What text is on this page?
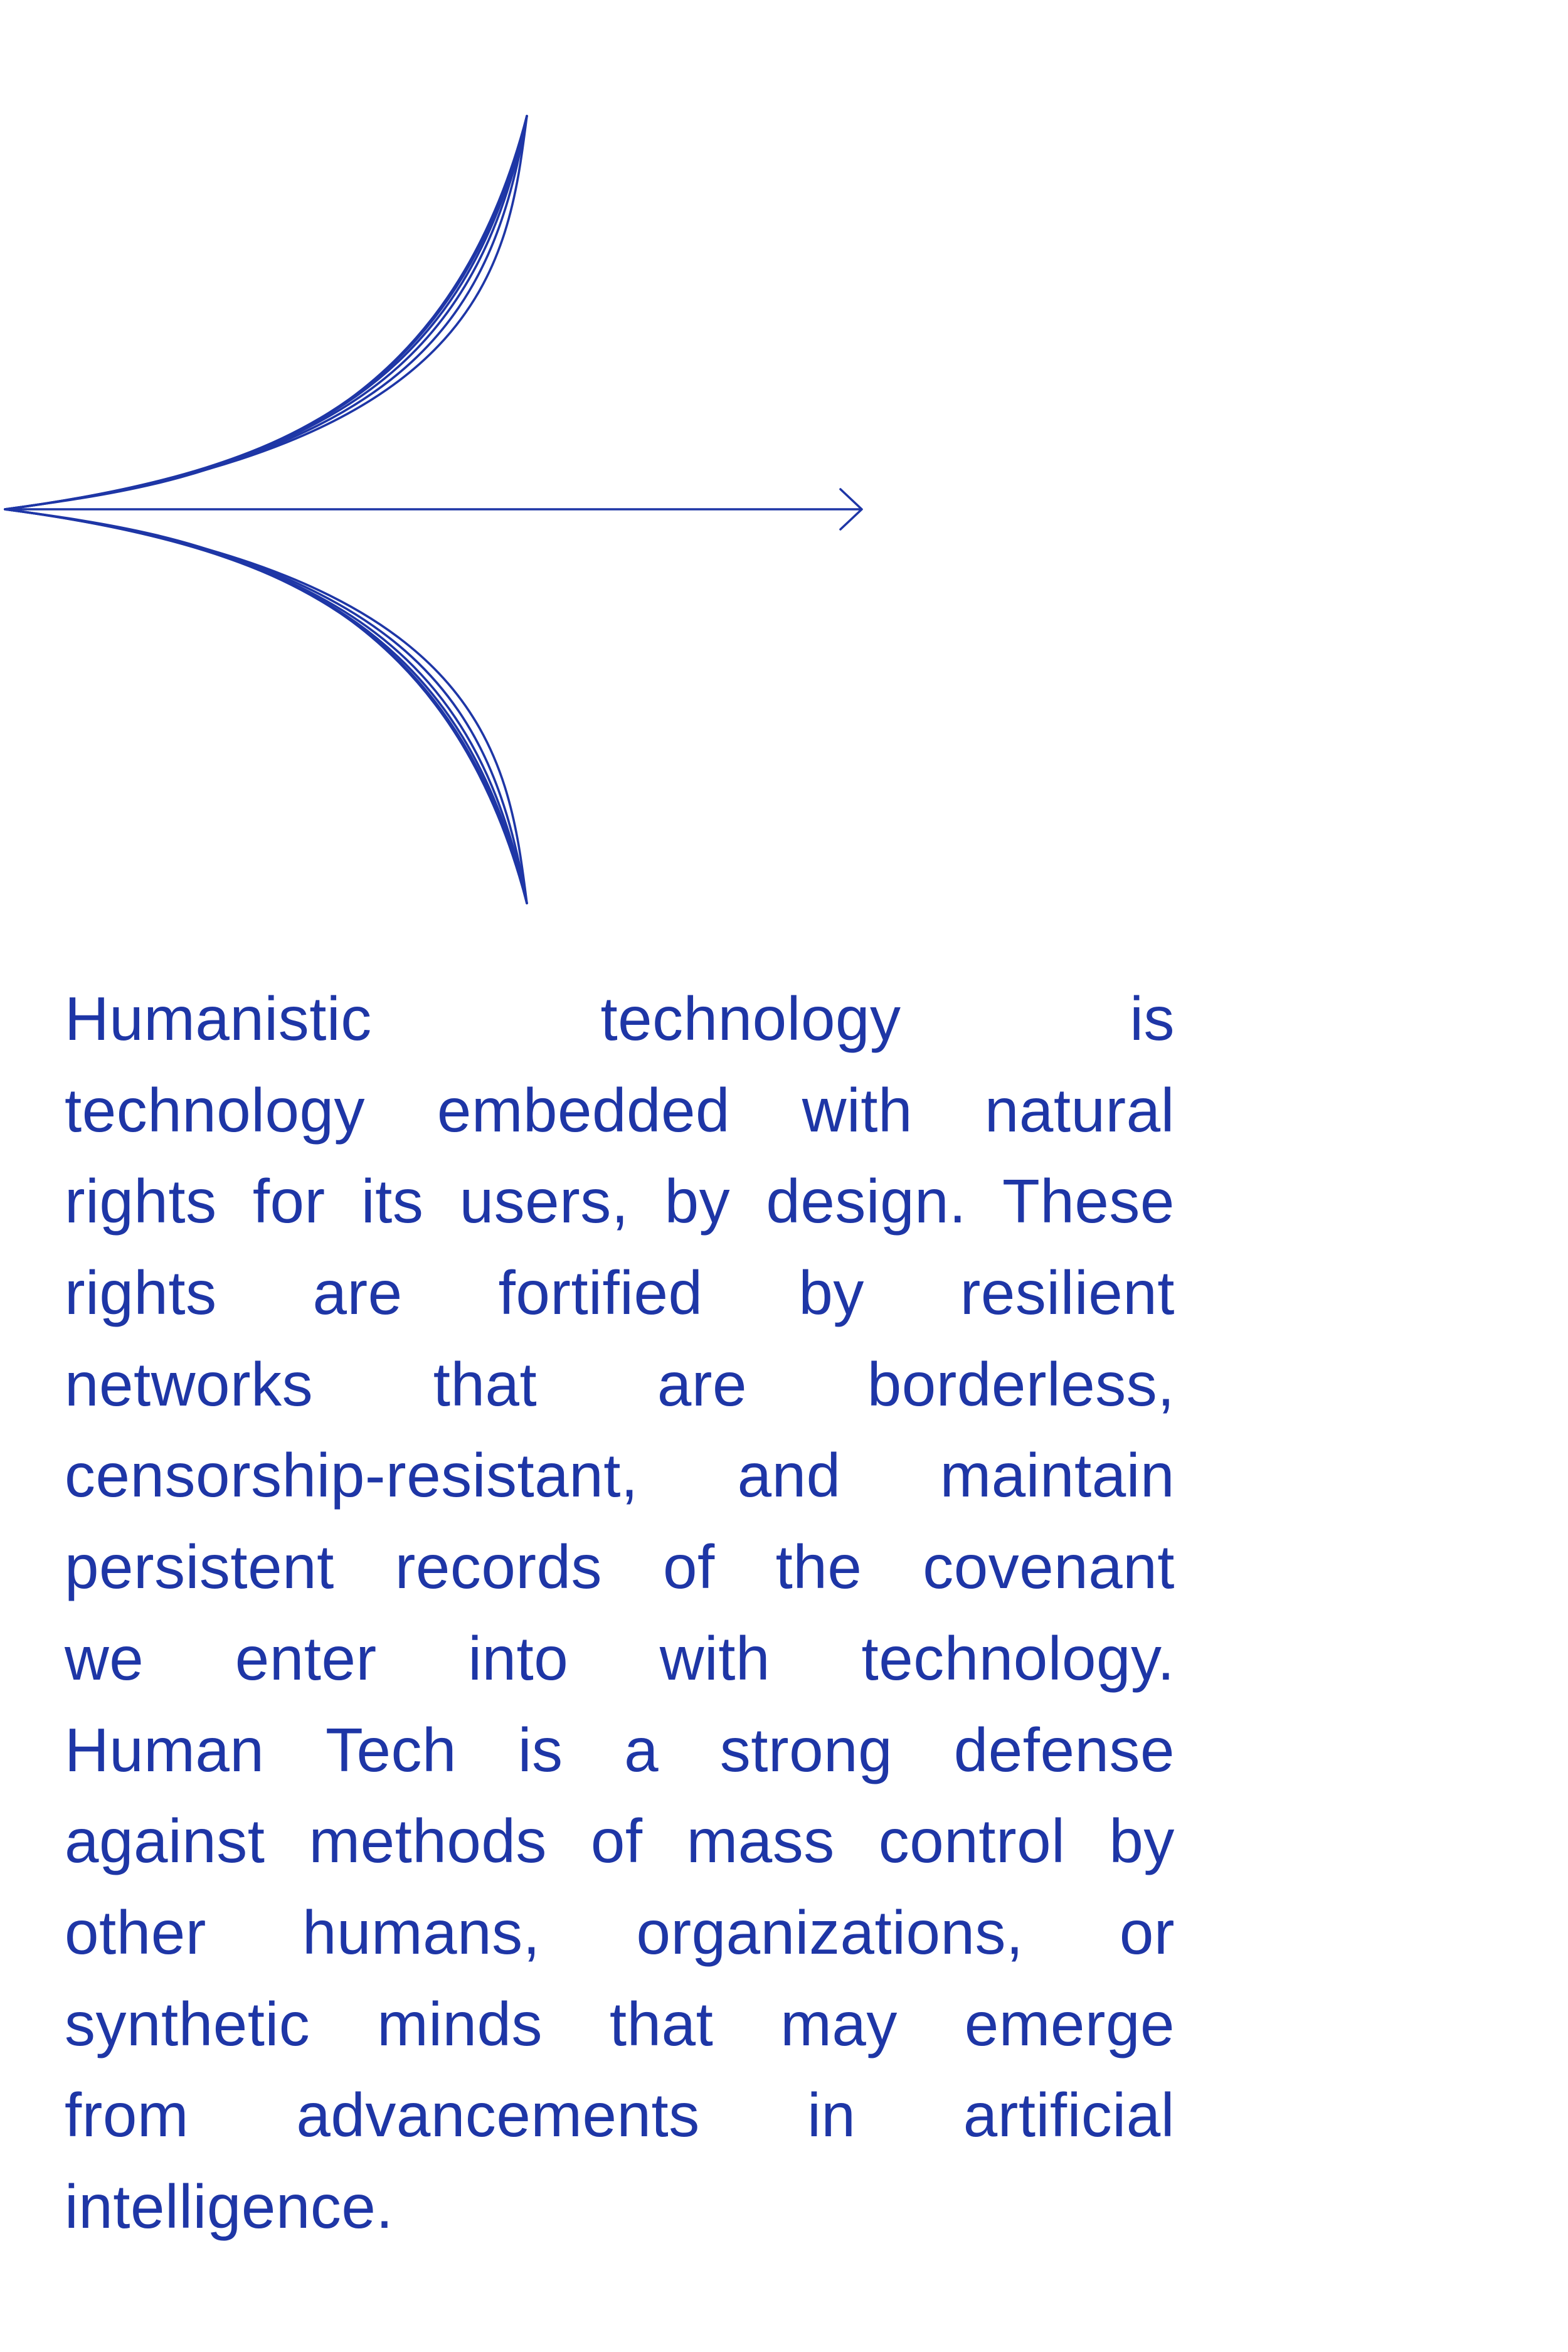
Humanistic	technology	is
technology embedded with natural
rights for its users, by design. These
rights are fortified by resilient
networks that are borderless,
censorship-resistant, and maintain
persistent records of the covenant
we enter into with technology.
Human Tech is a strong defense
against methods of mass control by
other humans, organizations, or
synthetic minds that may emerge
from advancements in artificial
intelligence.
